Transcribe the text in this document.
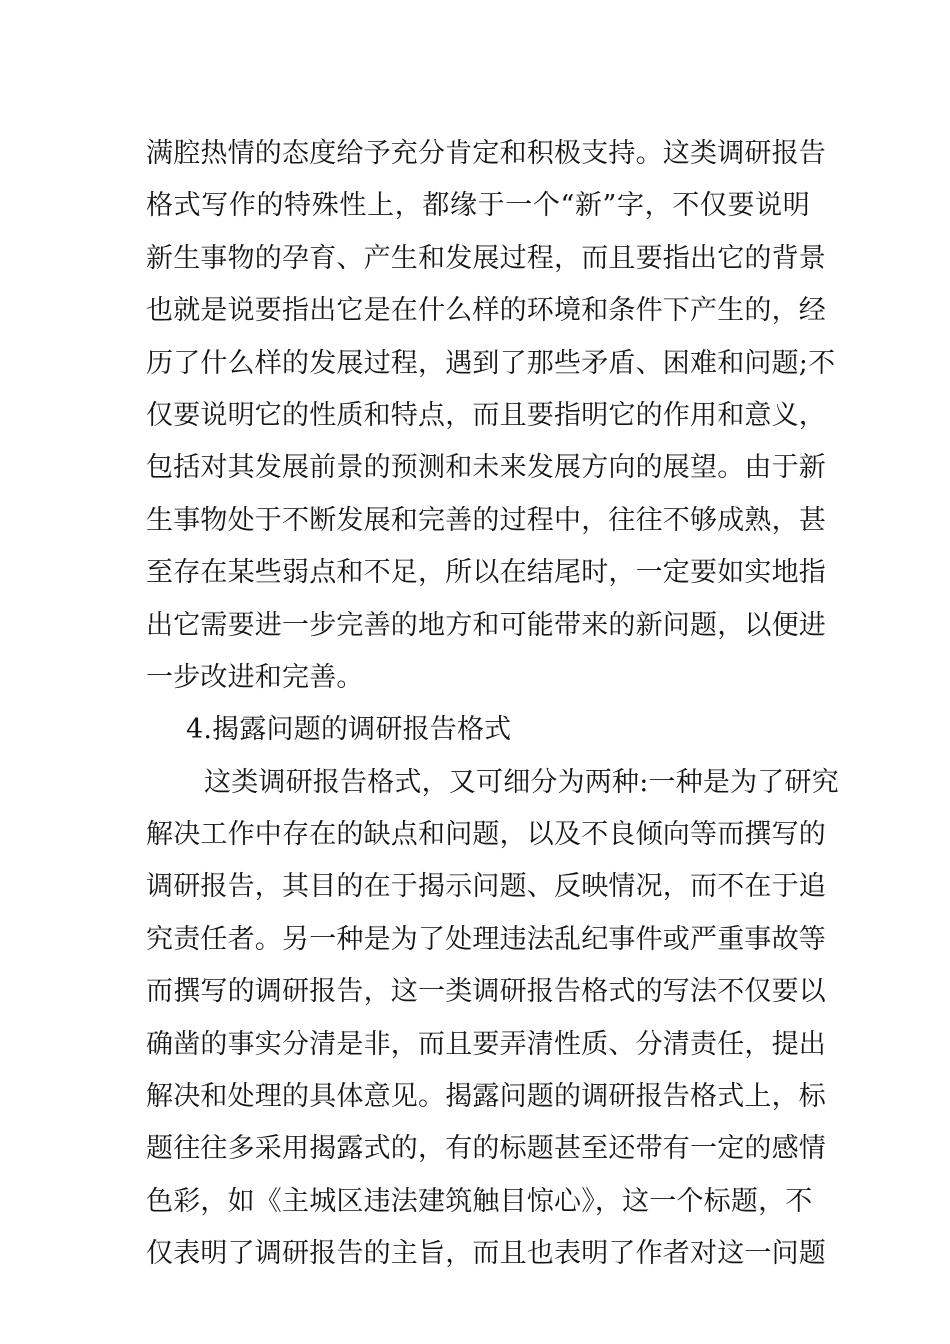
满腔热情的态度给予充分肯定和积极支持。这类调研报告
格式写作的特殊性上，都缘于一个“新”字，不仅要说明
新生事物的孕育、产生和发展过程，而且要指出它的背景
也就是说要指出它是在什么样的环境和条件下产生的，经
历了什么样的发展过程，遇到了那些矛盾、困难和问题;不
仅要说明它的性质和特点，而且要指明它的作用和意义，
包括对其发展前景的预测和未来发展方向的展望。由于新
生事物处于不断发展和完善的过程中，往往不够成熟，甚
至存在某些弱点和不足，所以在结尾时，一定要如实地指
出它需要进一步完善的地方和可能带来的新问题，以便进
一步改进和完善。
4.揭露问题的调研报告格式
这类调研报告格式，又可细分为两种:一种是为了研究
解决工作中存在的缺点和问题，以及不良倾向等而撰写的
调研报告，其目的在于揭示问题、反映情况，而不在于追
究责任者。另一种是为了处理违法乱纪事件或严重事故等
而撰写的调研报告，这一类调研报告格式的写法不仅要以
确凿的事实分清是非，而且要弄清性质、分清责任，提出
解决和处理的具体意见。揭露问题的调研报告格式上，标
题往往多采用揭露式的，有的标题甚至还带有一定的感情
色彩，如《主城区违法建筑触目惊心》，这一个标题，不
仅表明了调研报告的主旨，而且也表明了作者对这一问题
